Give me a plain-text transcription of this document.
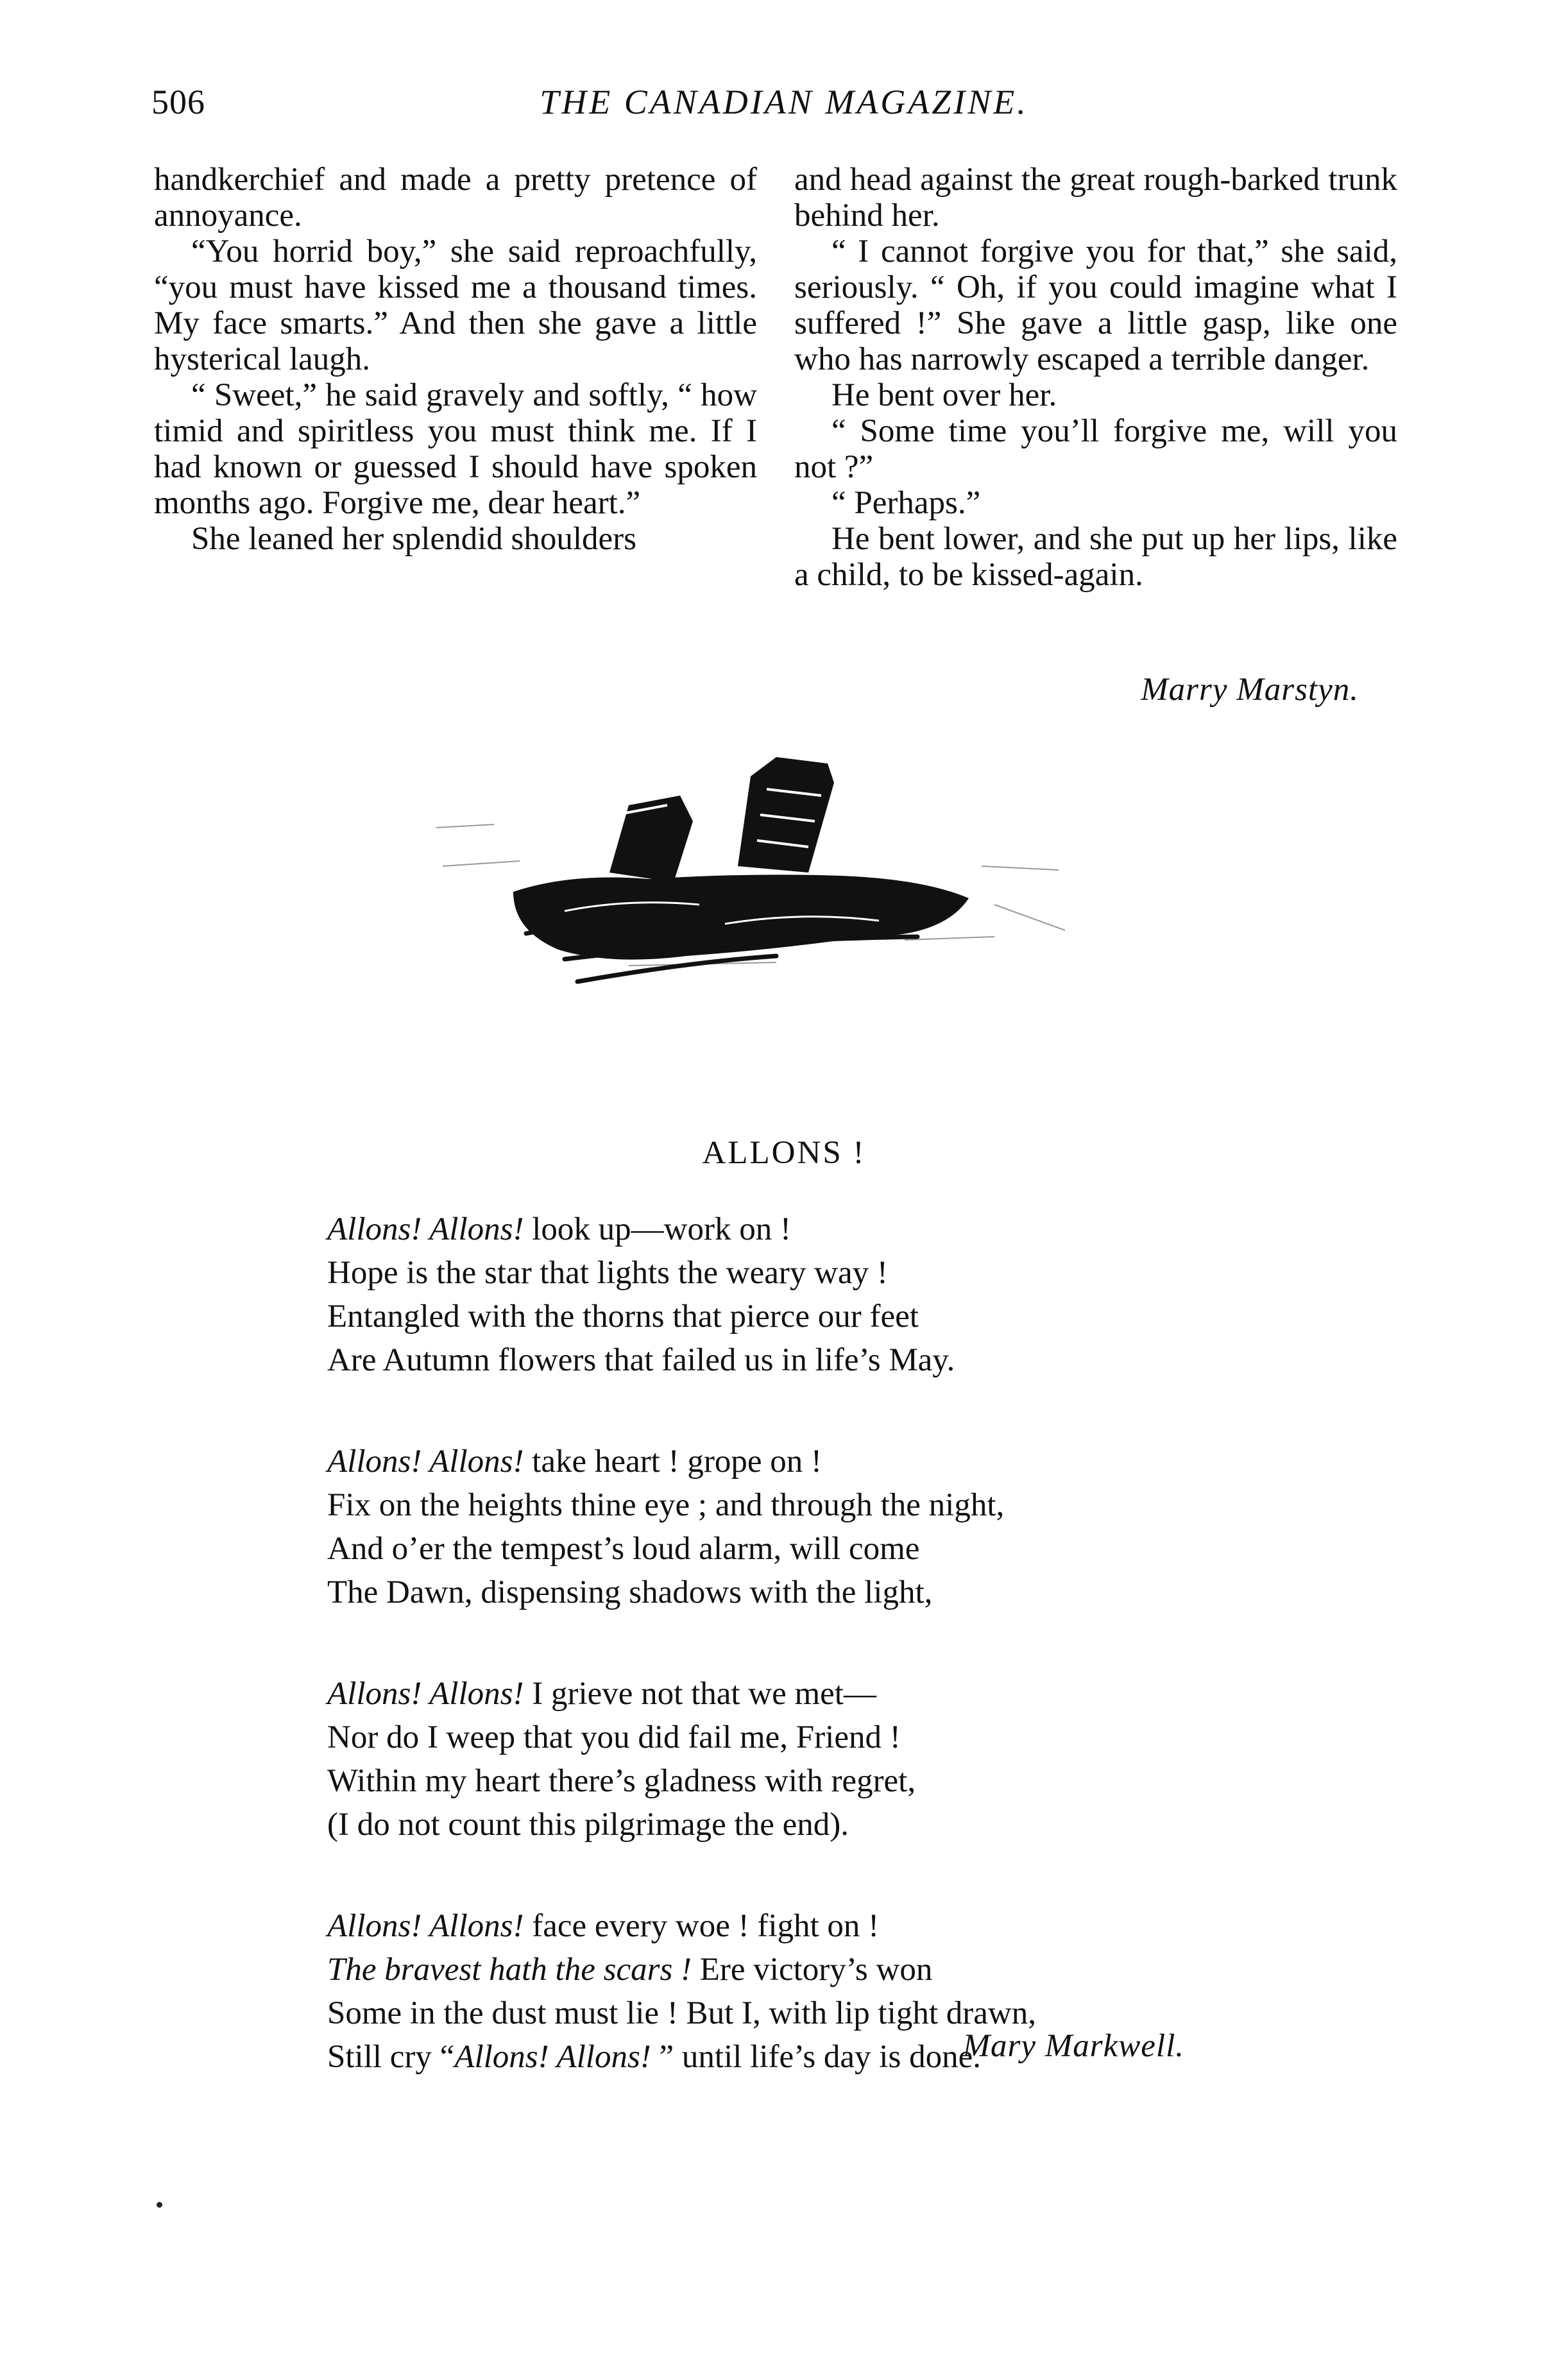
506	THE CANADIAN MAGAZINE.

handkerchief and made a pretty pretence of annoyance.

“You horrid boy,” she said reproachfully, “you must have kissed me a thousand times. My face smarts.” And then she gave a little hysterical laugh.

“ Sweet,” he said gravely and softly, “ how timid and spiritless you must think me. If I had known or guessed I should have spoken months ago. Forgive me, dear heart.”

She leaned her splendid shoulders

and head against the great rough-barked trunk behind her.

“ I cannot forgive you for that,” she said, seriously. “ Oh, if you could imagine what I suffered !” She gave a little gasp, like one who has narrowly escaped a terrible danger.

He bent over her.

“ Some time you’ll forgive me, will you not ?”

“ Perhaps.”

He bent lower, and she put up her lips, like a child, to be kissed-again.

Marry Marstyn.
ALLONS !
Allons! Allons! look up—work on !
Hope is the star that lights the weary way !
Entangled with the thorns that pierce our feet
Are Autumn flowers that failed us in life’s May.
Allons! Allons! take heart ! grope on !
Fix on the heights thine eye ; and through the night,
And o’er the tempest’s loud alarm, will come
The Dawn, dispensing shadows with the light,
Allons! Allons! I grieve not that we met—
Nor do I weep that you did fail me, Friend !
Within my heart there’s gladness with regret,
(I do not count this pilgrimage the end).
Allons! Allons! face every woe ! fight on !
The bravest hath the scars ! Ere victory’s won
Some in the dust must lie ! But I, with lip tight drawn,
Still cry “Allons! Allons! ” until life’s day is done.
Mary Markwell.
